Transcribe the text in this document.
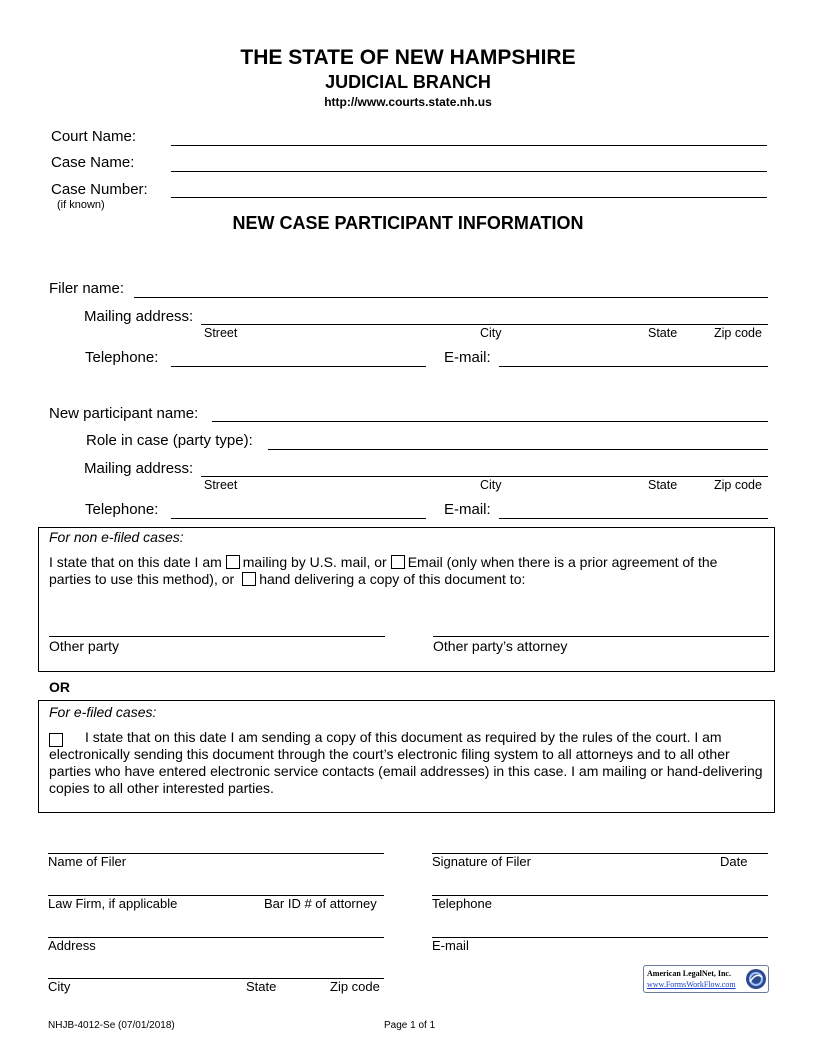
THE STATE OF NEW HAMPSHIRE
JUDICIAL BRANCH
http://www.courts.state.nh.us
Court Name:
Case Name:
Case Number:
(if known)
NEW CASE PARTICIPANT INFORMATION
Filer name:
Mailing address:
Street	City	State	Zip code
Telephone:	E-mail:
New participant name:
Role in case (party type):
Mailing address:
Street	City	State	Zip code
Telephone:	E-mail:
For non e-filed cases:
I state that on this date I am mailing by U.S. mail, or Email (only when there is a prior agreement of the
parties to use this method), or hand delivering a copy of this document to:
Other party	Other party’s attorney
OR
For e-filed cases:
I state that on this date I am sending a copy of this document as required by the rules of the court. I am electronically sending this document through the court’s electronic filing system to all attorneys and to all other parties who have entered electronic service contacts (email addresses) in this case. I am mailing or hand-delivering copies to all other interested parties.
Name of Filer	Signature of Filer	Date
Law Firm, if applicable	Bar ID # of attorney	Telephone
Address	E-mail
City	State	Zip code
American LegalNet, Inc.
www.FormsWorkFlow.com
NHJB-4012-Se (07/01/2018)	Page 1 of 1
